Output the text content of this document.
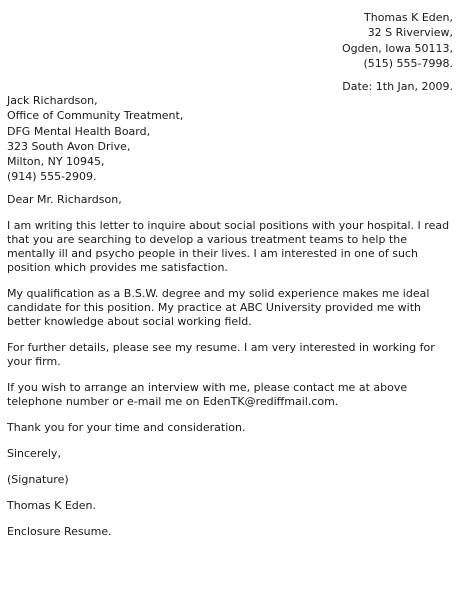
Thomas K Eden,
32 S Riverview,
Ogden, Iowa 50113,
(515) 555-7998.
Date: 1th Jan, 2009.
Jack Richardson,
Office of Community Treatment,
DFG Mental Health Board,
323 South Avon Drive,
Milton, NY 10945,
(914) 555-2909.

Dear Mr. Richardson,

I am writing this letter to inquire about social positions with your hospital. I read
that you are searching to develop a various treatment teams to help the
mentally ill and psycho people in their lives. I am interested in one of such
position which provides me satisfaction.

My qualification as a B.S.W. degree and my solid experience makes me ideal
candidate for this position. My practice at ABC University provided me with
better knowledge about social working field.

For further details, please see my resume. I am very interested in working for
your firm.

If you wish to arrange an interview with me, please contact me at above
telephone number or e-mail me on EdenTK@rediffmail.com.

Thank you for your time and consideration.

Sincerely,

(Signature)

Thomas K Eden.

Enclosure Resume.
